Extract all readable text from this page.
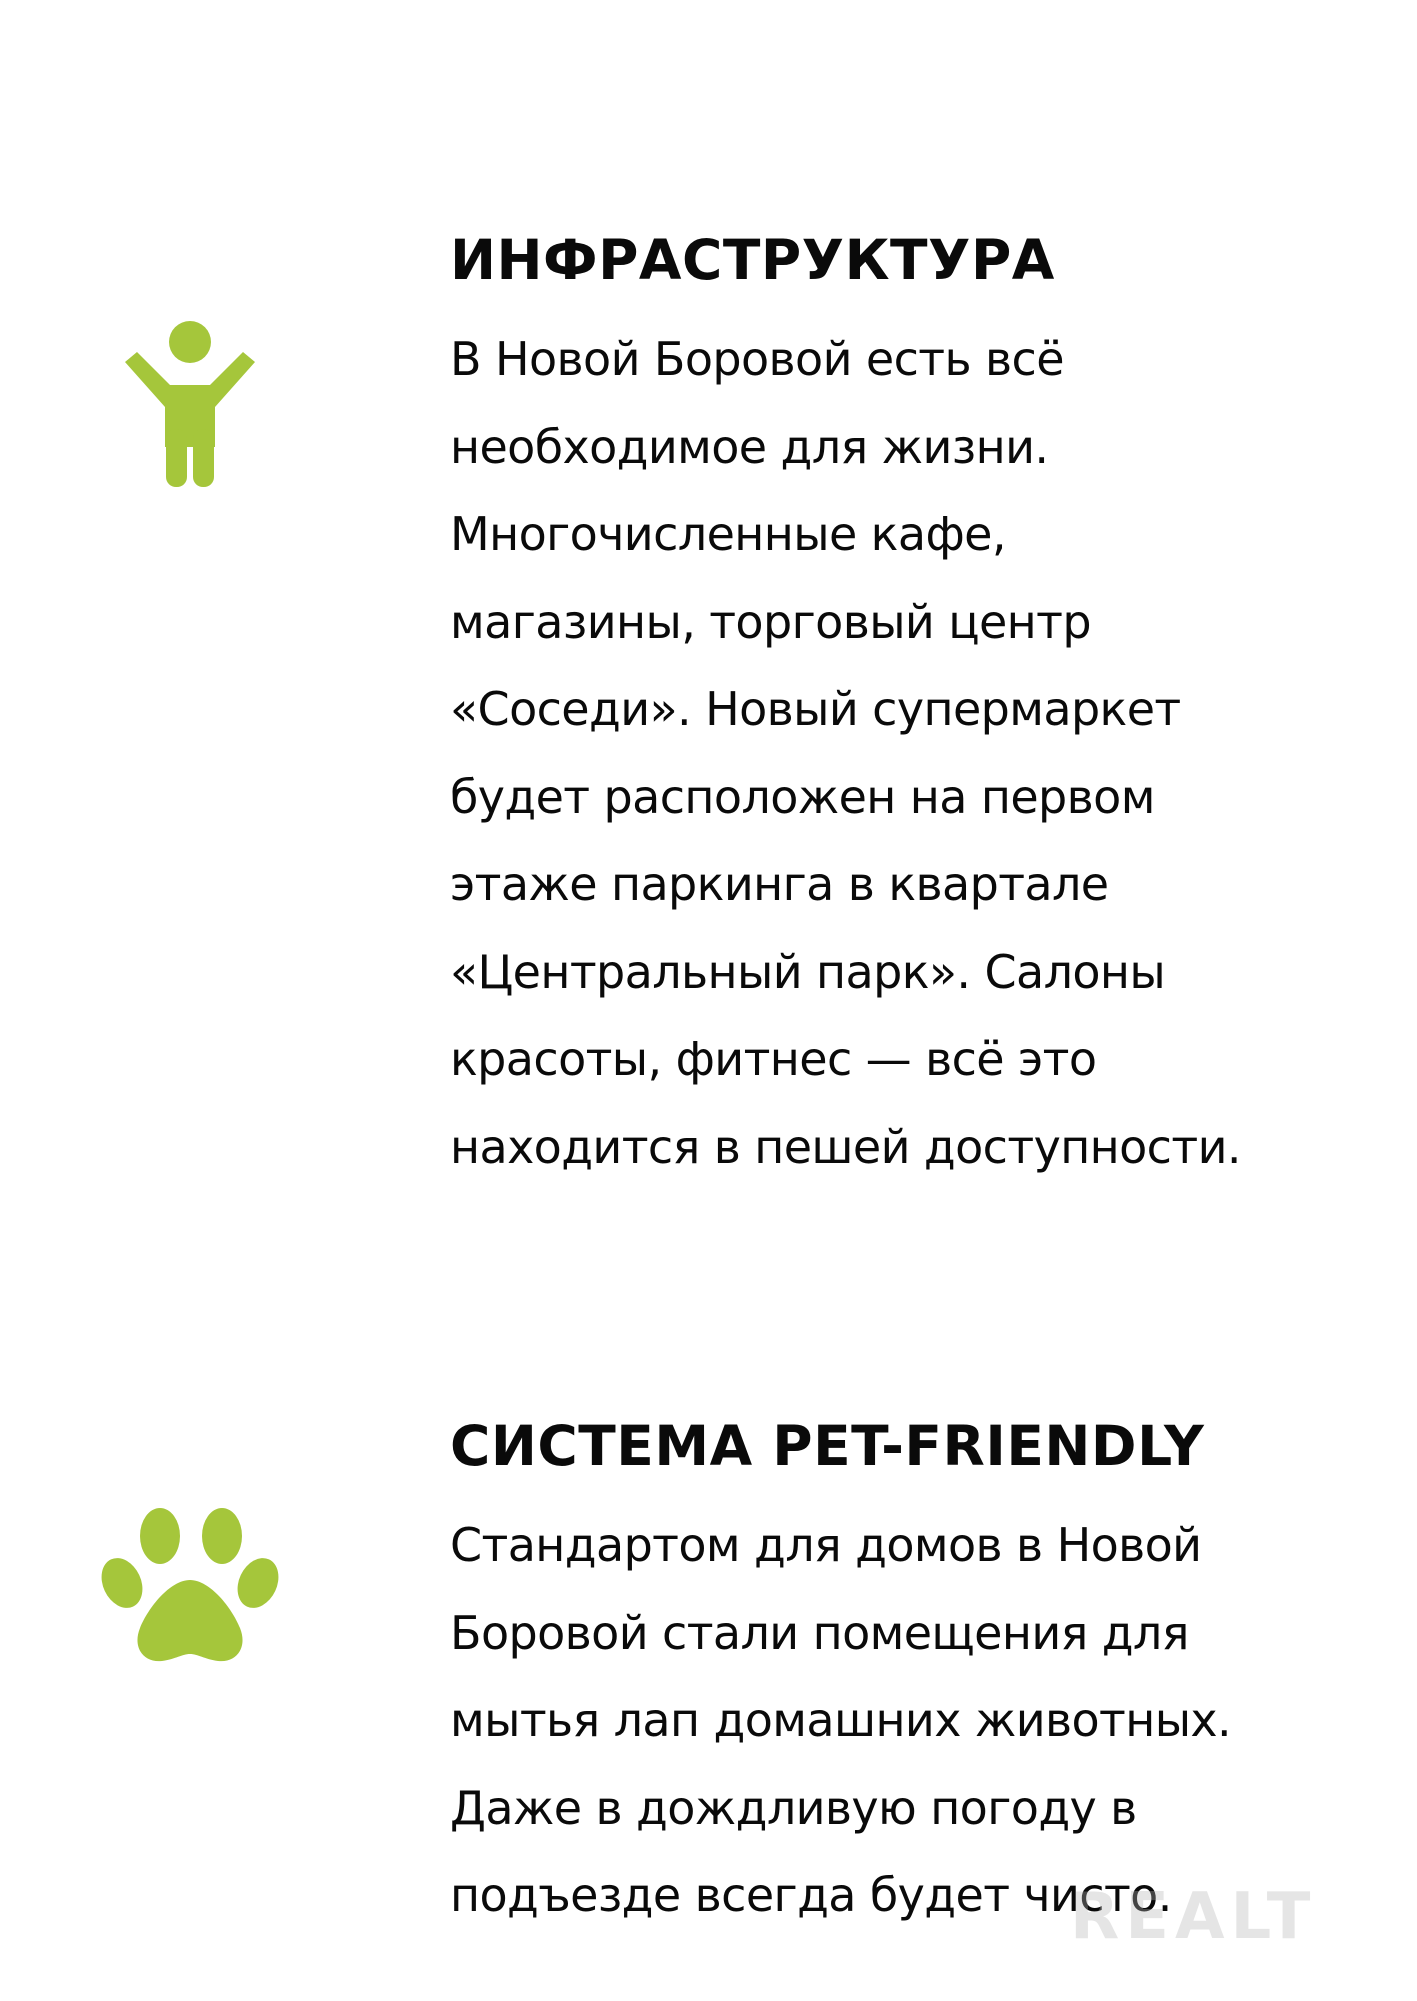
ИНФРАСТРУКТУРА

В Новой Боровой есть всё
необходимое для жизни.
Многочисленные кафе,
магазины, торговый центр
«Соседи». Новый супермаркет
будет расположен на первом
этаже паркинга в квартале
«Центральный парк». Салоны
красоты, фитнес — всё это
находится в пешей доступности.

СИСТЕМА PET-FRIENDLY

Стандартом для домов в Новой
Боровой стали помещения для
мытья лап домашних животных.
Даже в дождливую погоду в
подъезде всегда будет чисто.

REALT
